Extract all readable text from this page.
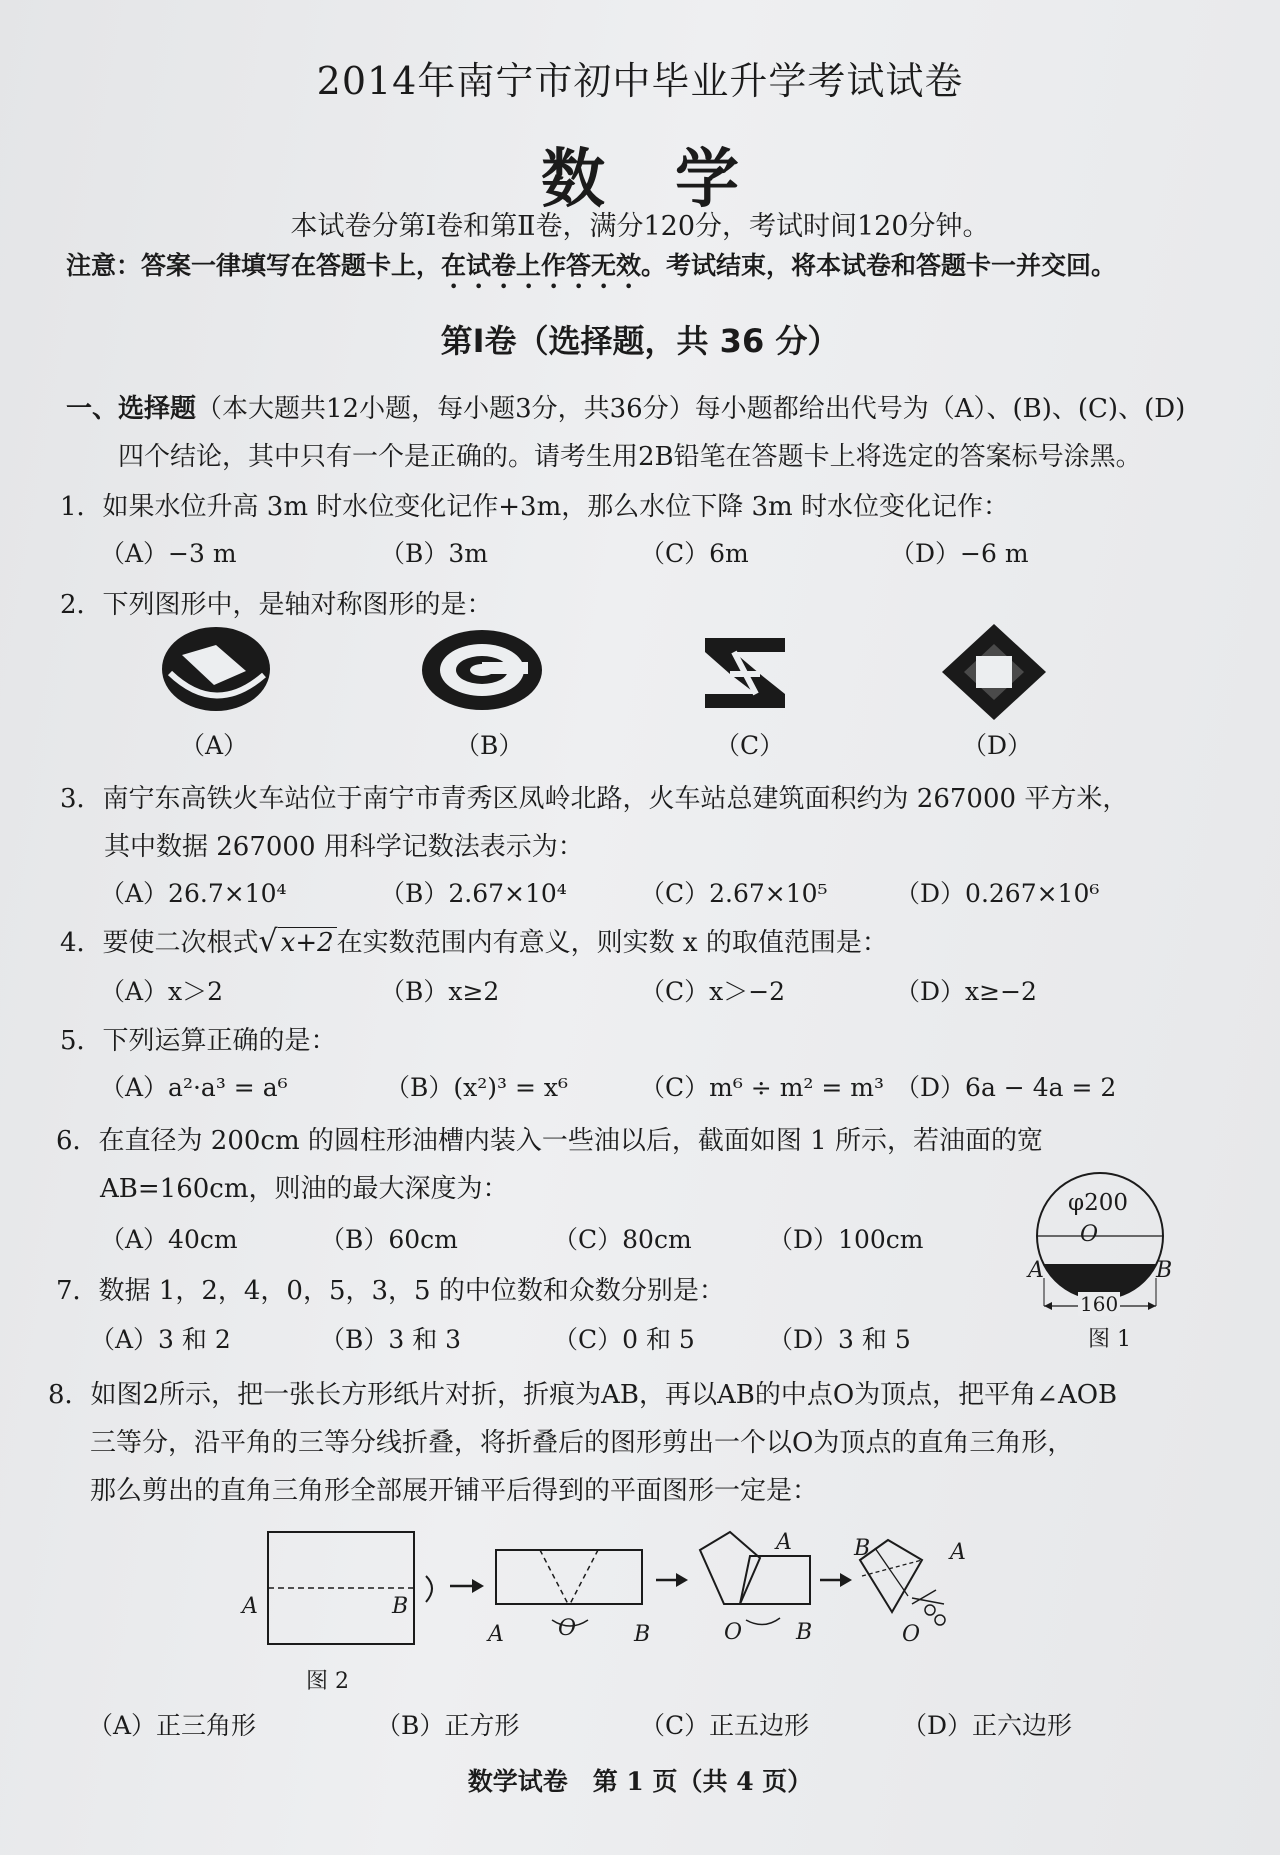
2014年南宁市初中毕业升学考试试卷
数学
本试卷分第Ⅰ卷和第Ⅱ卷，满分120分，考试时间120分钟。
注意：答案一律填写在答题卡上，在试卷上作答无效。考试结束，将本试卷和答题卡一并交回。
第Ⅰ卷（选择题，共 36 分）
一、选择题（本大题共12小题，每小题3分，共36分）每小题都给出代号为（A）、(B)、(C)、(D)
四个结论，其中只有一个是正确的。请考生用2B铅笔在答题卡上将选定的答案标号涂黑。
1．如果水位升高 3m 时水位变化记作+3m，那么水位下降 3m 时水位变化记作：
（A）−3 m	（B）3m	（C）6m	（D）−6 m
2．下列图形中，是轴对称图形的是：
（A）	（B）	（C）	（D）
3．南宁东高铁火车站位于南宁市青秀区凤岭北路，火车站总建筑面积约为 267000 平方米，
其中数据 267000 用科学记数法表示为：
（A）26.7×10⁴	（B）2.67×10⁴	（C）2.67×10⁵	（D）0.267×10⁶
4．要使二次根式√ x+2 在实数范围内有意义，则实数 x 的取值范围是：
（A）x＞2	（B）x≥2	（C）x＞−2	（D）x≥−2
5．下列运算正确的是：
（A）a²·a³ = a⁶	（B）(x²)³ = x⁶	（C）m⁶ ÷ m² = m³ （D）6a − 4a = 2
6．在直径为 200cm 的圆柱形油槽内装入一些油以后，截面如图 1 所示，若油面的宽
AB=160cm，则油的最大深度为：
（A）40cm	（B）60cm	（C）80cm	（D）100cm
φ200
O
A	B
160
图 1
7．数据 1，2，4，0，5，3，5 的中位数和众数分别是：
（A）3 和 2	（B）3 和 3	（C）0 和 5	（D）3 和 5
8．如图2所示，把一张长方形纸片对折，折痕为AB，再以AB的中点O为顶点，把平角∠AOB
三等分，沿平角的三等分线折叠，将折叠后的图形剪出一个以O为顶点的直角三角形，
那么剪出的直角三角形全部展开铺平后得到的平面图形一定是：
A	B
A O	B
A
O B
B	A
O
图 2
（A）正三角形	（B）正方形	（C）正五边形	（D）正六边形
数学试卷　第 1 页（共 4 页）
